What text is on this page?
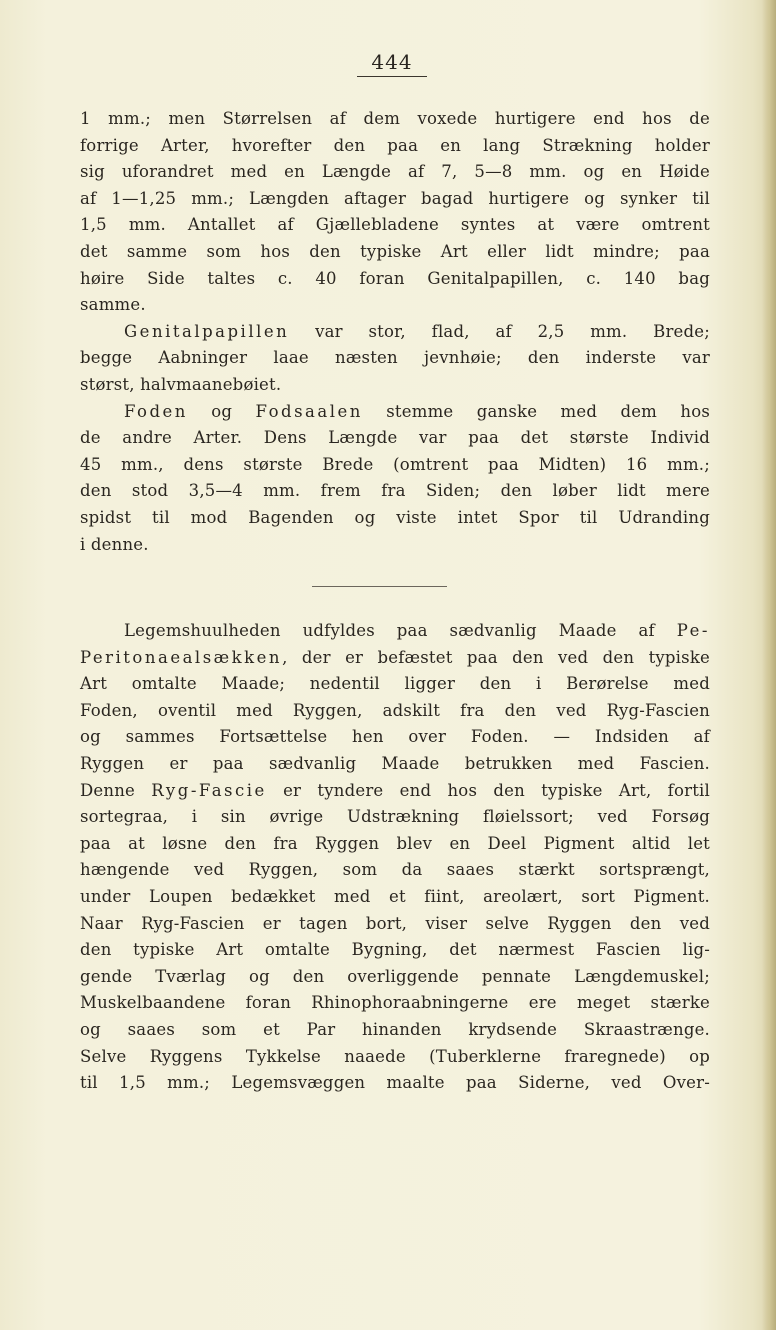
444
1 mm.; men Størrelsen af dem voxede hurtigere end hos de
forrige Arter, hvorefter den paa en lang Strækning holder
sig uforandret med en Længde af 7, 5—8 mm. og en Høide
af 1—1,25 mm.; Længden aftager bagad hurtigere og synker til
1,5 mm. Antallet af Gjællebladene syntes at være omtrent
det samme som hos den typiske Art eller lidt mindre; paa
høire Side taltes c. 40 foran Genitalpapillen, c. 140 bag
samme.
Genitalpapillen var stor, flad, af 2,5 mm. Brede;
begge Aabninger laae næsten jevnhøie; den inderste var
størst, halvmaanebøiet.
Foden og Fodsaalen stemme ganske med dem hos
de andre Arter. Dens Længde var paa det største Individ
45 mm., dens største Brede (omtrent paa Midten) 16 mm.;
den stod 3,5—4 mm. frem fra Siden; den løber lidt mere
spidst til mod Bagenden og viste intet Spor til Udranding
i denne.
Legemshuulheden udfyldes paa sædvanlig Maade af Pe-
Peritonaealsækken, der er befæstet paa den ved den typiske
Art omtalte Maade; nedentil ligger den i Berørelse med
Foden, oventil med Ryggen, adskilt fra den ved Ryg-Fascien
og sammes Fortsættelse hen over Foden. — Indsiden af
Ryggen er paa sædvanlig Maade betrukken med Fascien.
Denne Ryg-Fascie er tyndere end hos den typiske Art, fortil
sortegraa, i sin øvrige Udstrækning fløielssort; ved Forsøg
paa at løsne den fra Ryggen blev en Deel Pigment altid let
hængende ved Ryggen, som da saaes stærkt sortsprængt,
under Loupen bedækket med et fiint, areolært, sort Pigment.
Naar Ryg-Fascien er tagen bort, viser selve Ryggen den ved
den typiske Art omtalte Bygning, det nærmest Fascien lig-
gende Tværlag og den overliggende pennate Længdemuskel;
Muskelbaandene foran Rhinophoraabningerne ere meget stærke
og saaes som et Par hinanden krydsende Skraastrænge.
Selve Ryggens Tykkelse naaede (Tuberklerne fraregnede) op
til 1,5 mm.; Legemsvæggen maalte paa Siderne, ved Over-
